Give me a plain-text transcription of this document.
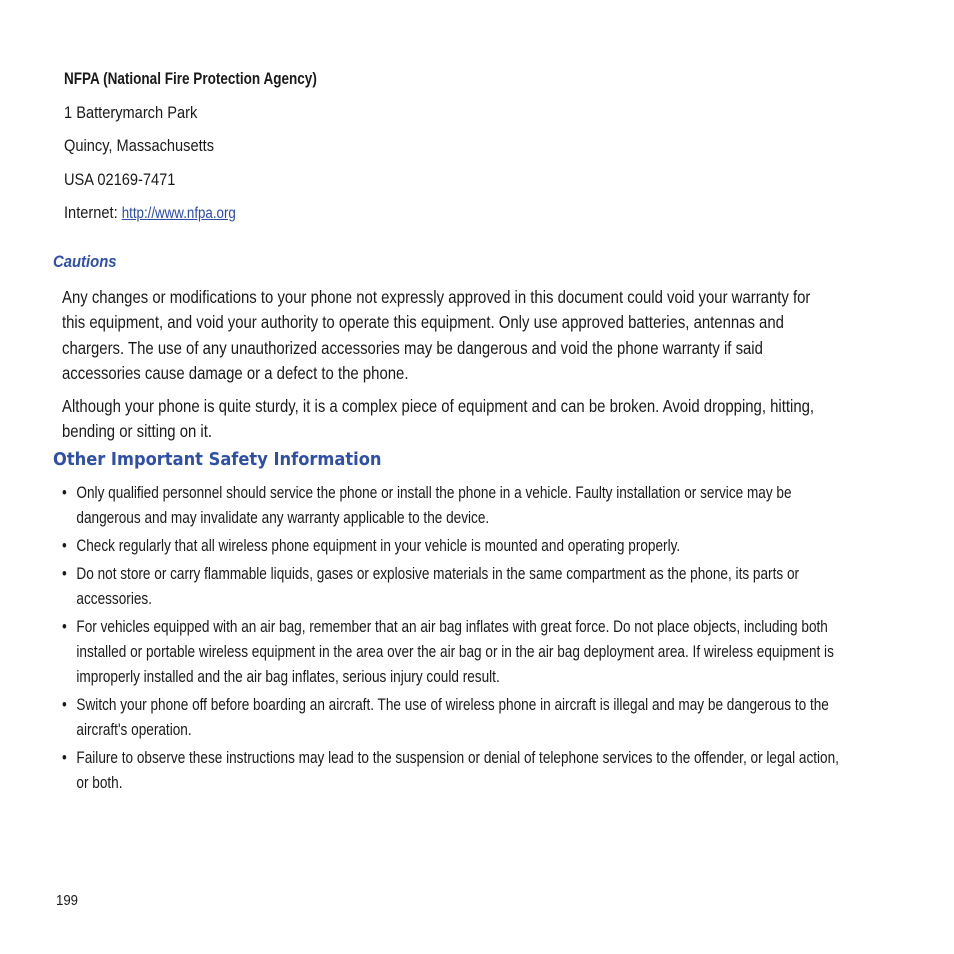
NFPA (National Fire Protection Agency)
1 Batterymarch Park
Quincy, Massachusetts
USA 02169-7471
Internet: http://www.nfpa.org
Cautions
Any changes or modifications to your phone not expressly approved in this document could void your warranty for
this equipment, and void your authority to operate this equipment. Only use approved batteries, antennas and
chargers. The use of any unauthorized accessories may be dangerous and void the phone warranty if said
accessories cause damage or a defect to the phone.
Although your phone is quite sturdy, it is a complex piece of equipment and can be broken. Avoid dropping, hitting,
bending or sitting on it.
Other Important Safety Information
• Only qualified personnel should service the phone or install the phone in a vehicle. Faulty installation or service may be
dangerous and may invalidate any warranty applicable to the device.
• Check regularly that all wireless phone equipment in your vehicle is mounted and operating properly.
• Do not store or carry flammable liquids, gases or explosive materials in the same compartment as the phone, its parts or
accessories.
• For vehicles equipped with an air bag, remember that an air bag inflates with great force. Do not place objects, including both
installed or portable wireless equipment in the area over the air bag or in the air bag deployment area. If wireless equipment is
improperly installed and the air bag inflates, serious injury could result.
• Switch your phone off before boarding an aircraft. The use of wireless phone in aircraft is illegal and may be dangerous to the
aircraft's operation.
• Failure to observe these instructions may lead to the suspension or denial of telephone services to the offender, or legal action,
or both.
199
